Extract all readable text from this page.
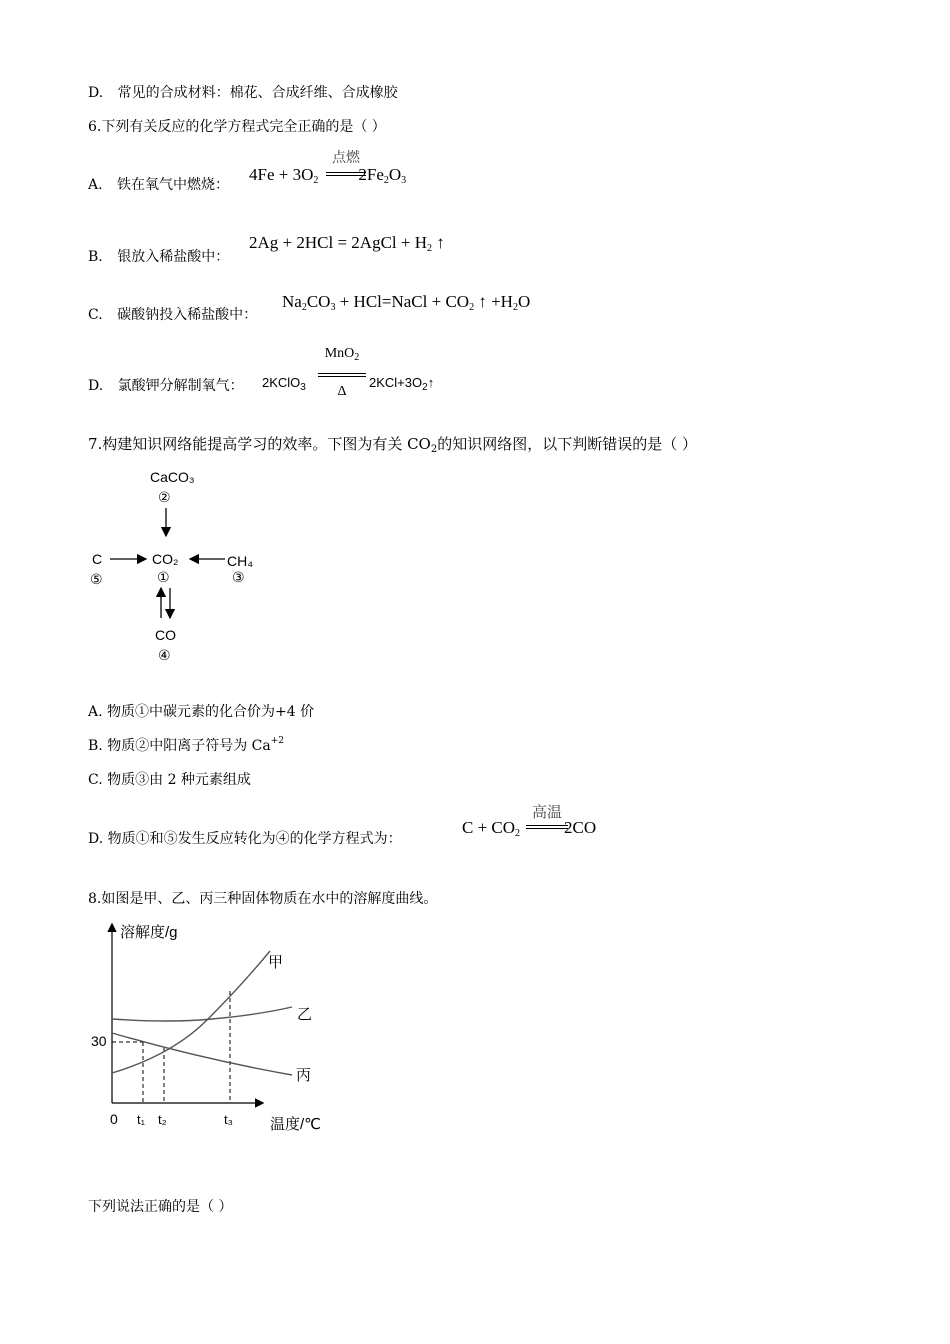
D. 常见的合成材料：棉花、合成纤维、合成橡胶
6.下列有关反应的化学方程式完全正确的是（ ）
A. 铁在氧气中燃烧：
$4Fe + 3O_2$ $2Fe_2O_3$
点燃
B. 银放入稀盐酸中：
2Ag + 2HCl = 2AgCl + $H_2$ ↑
C. 碳酸钠投入稀盐酸中：
$Na_2CO_3$ + HCl=NaCl + $CO_2$ ↑ $+H_2O$
D. 氯酸钾分解制氧气： 2KClO$_3$
MnO$_2$
Δ
$2KCl+3O_2↑$
7.构建知识网络能提高学习的效率。下图为有关 $CO_2$的知识网络图，以下判断错误的是（ ）
CaCO₃
②
C
⑤
CO₂
①
CH₄
③
CO
④
A. 物质①中碳元素的化合价为+4 价
B. 物质②中阳离子符号为 $Ca^{+2}$
C. 物质③由 2 种元素组成
D. 物质①和⑤发生反应转化为④的化学方程式为：
$C + CO_2$	2CO
高温
8.如图是甲、乙、丙三种固体物质在水中的溶解度曲线。
溶解度/g
温度/℃
30
0 t₁ t₂	t₃
甲
乙
丙
下列说法正确的是（ ）
